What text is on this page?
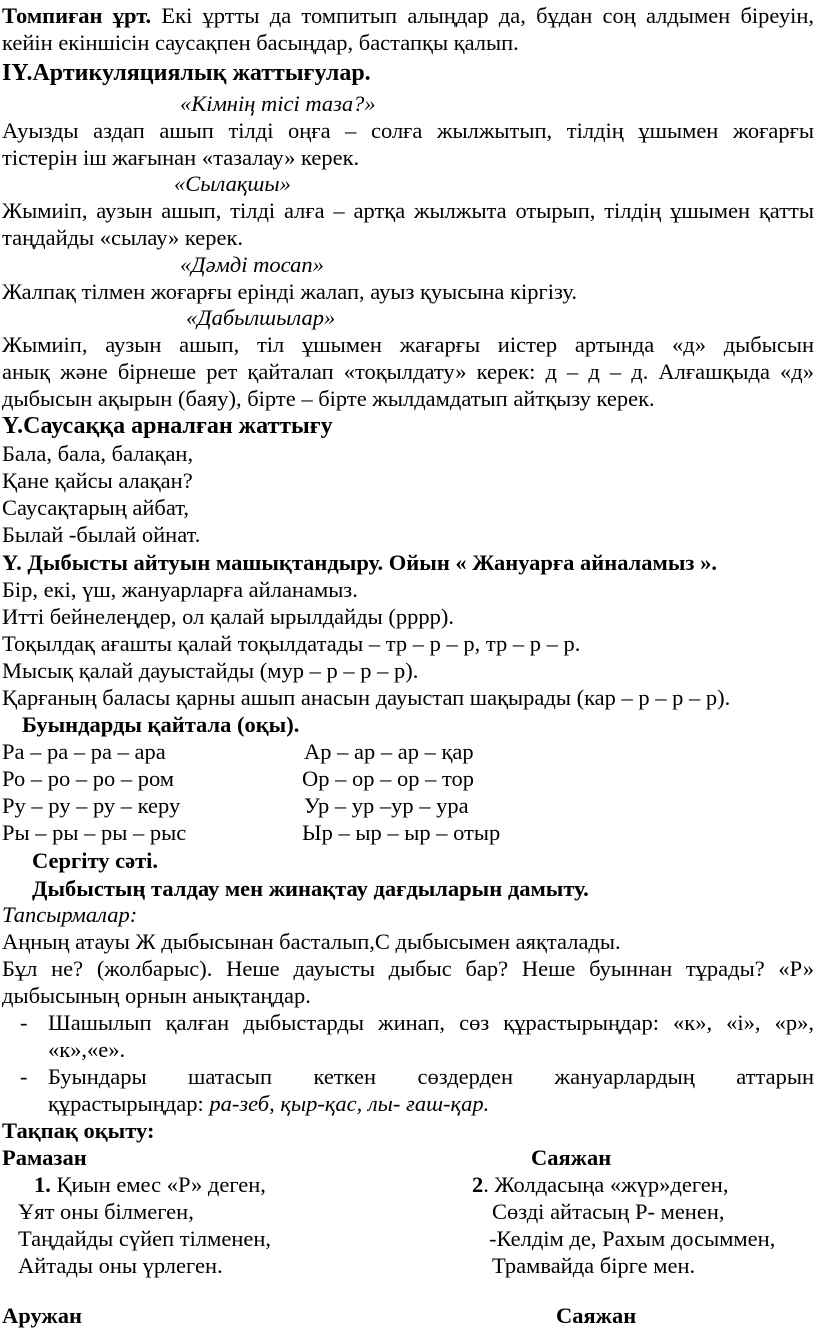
Томпиған ұрт. Екі ұртты да томпитып алыңдар да, бұдан соң алдымен біреуін,
кейін екіншісін саусақпен басыңдар, бастапқы қалып.
IY.Артикуляциялық жаттығулар.
«Кімнің тісі таза?»
Ауызды аздап ашып тілді оңға – солға жылжытып, тілдің ұшымен жоғарғы
тістерін іш жағынан «тазалау» керек.
«Сылақшы»
Жымиіп, аузын ашып, тілді алға – артқа жылжыта отырып, тілдің ұшымен қатты
таңдайды «сылау» керек.
«Дәмді тосап»
Жалпақ тілмен жоғарғы ерінді жалап, ауыз қуысына кіргізу.
«Дабылшылар»
Жымиіп, аузын ашып, тіл ұшымен жағарғы иістер артында «д» дыбысын
анық және бірнеше рет қайталап «тоқылдату» керек: д – д – д. Алғашқыда «д»
дыбысын ақырын (баяу), бірте – бірте жылдамдатып айтқызу керек.
Y.Саусаққа арналған жаттығу
Бала, бала, балақан,
Қане қайсы алақан?
Саусақтарың айбат,
Былай -былай ойнат.
Y. Дыбысты айтуын машықтандыру. Ойын « Жануарға айналамыз ».
Бір, екі, үш, жануарларға айланамыз.
Итті бейнелеңдер, ол қалай ырылдайды (рррр).
Тоқылдақ ағашты қалай тоқылдатады – тр – р – р, тр – р – р.
Мысық қалай дауыстайды (мур – р – р – р).
Қарғаның баласы қарны ашып анасын дауыстап шақырады (кар – р – р – р).
Буындарды қайтала (оқы).
Ра – ра – ра – ара
Ро – ро – ро – ром
Ру – ру – ру – керу
Ры – ры – ры – рыс
Ар – ар – ар – қар
Ор – ор – ор – тор
Ур – ур –ур – ура
Ыр – ыр – ыр – отыр
Сергіту сәті.
Дыбыстың талдау мен жинақтау дағдыларын дамыту.
Тапсырмалар:
Аңның атауы Ж дыбысынан басталып,С дыбысымен аяқталады.
Бұл не? (жолбарыс). Неше дауысты дыбыс бар? Неше буыннан тұрады? «Р»
дыбысының орнын анықтаңдар.
- Шашылып қалған дыбыстарды жинап, сөз құрастырыңдар: «к», «і», «р»,
«к»,«е».
- Буындары шатасып кеткен сөздерден жануарлардың аттарын
құрастырыңдар: ра-зеб, қыр-қас, лы- ғаш-қар.
Тақпақ оқыту:
Рамазан	Саяжан
1. Қиын емес «Р» деген,
Ұят оны білмеген,
Таңдайды сүйеп тілменен,
Айтады оны үрлеген.
2. Жолдасыңа «жүр»деген,
Сөзді айтасың Р- менен,
-Келдім де, Рахым досыммен,
Трамвайда бірге мен.
Аружан	Саяжан
